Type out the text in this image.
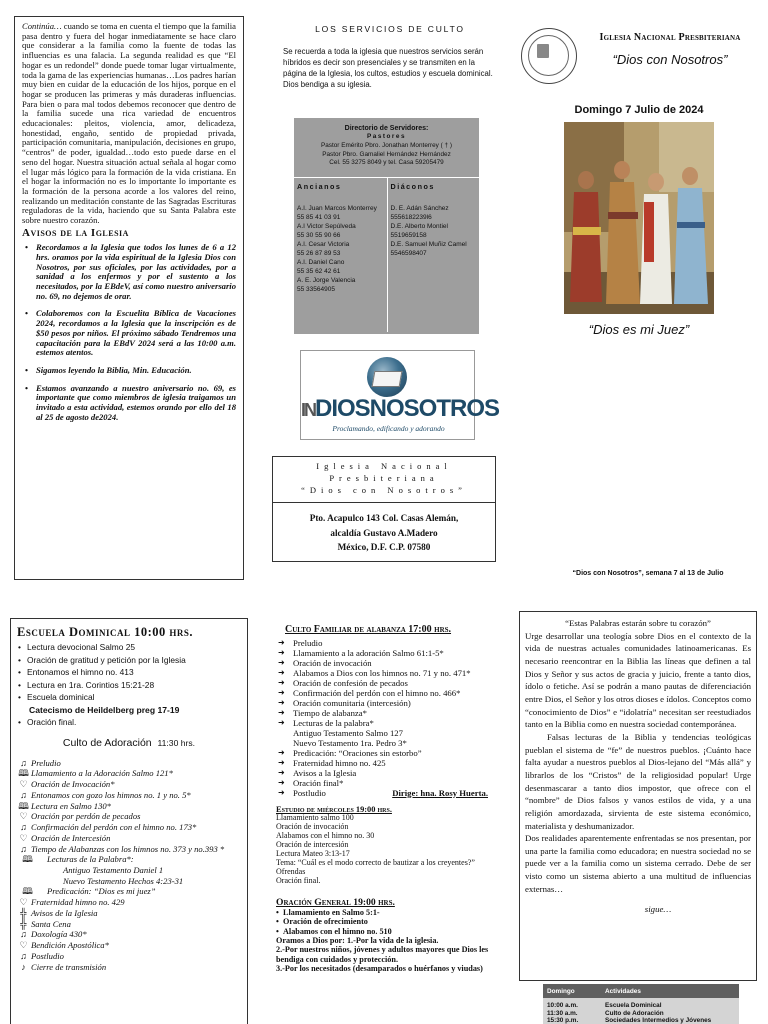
Continúa… cuando se toma en cuenta el tiempo que la familia pasa dentro y fuera del hogar inmediatamente se hace claro que considerar a la familia como la fuente de todas las influencias es una falacia. La segunda realidad es que “El hogar es un redondel” donde puede tomar lugar virtualmente, toda la gama de las experiencias humanas…Los padres harían muy bien en cuidar de la educación de los hijos, porque en el hogar se producen las primeras y más duraderas influencias. Para bien o para mal todos debemos reconocer que dentro de la familia sucede una rica variedad de encuentros educacionales: pleitos, violencia, amor, delicadeza, honestidad, engaño, sentido de propiedad privada, participación comunitaria, manipulación, decisiones en grupo, “centros” de poder, igualdad…todo esto puede darse en el seno del hogar. Nuestra situación actual señala al hogar como el lugar más lógico para la formación de la vida cristiana. En el hogar la información no es lo importante lo importante es la formación de la persona acorde a los valores del reino, realizando un meditación constante de las Sagradas Escrituras reguladoras de la vida, haciendo que su Santa Palabra este sobre nuestro corazón.

Avisos de la Iglesia
• Recordamos a la Iglesia que todos los lunes de 6 a 12 hrs. oramos por la vida espiritual de la Iglesia Dios con Nosotros, por sus oficiales, por las actividades, por a sanidad a los enfermos y por el sustento a los necesitados, por la EBdeV, así como nuestro aniversario no. 69, no dejemos de orar.
• Colaboremos con la Escuelita Bíblica de Vacaciones 2024, recordamos a la Iglesia que la inscripción es de $50 pesos por niños. El próximo sábado Tendremos una capacitación para la EBdV 2024 será a las 10:00 a.m. estemos atentos.
• Sigamos leyendo la Biblia, Min. Educación.
• Estamos avanzando a nuestro aniversario no. 69, es importante que como miembros de iglesia traigamos un invitado a esta actividad, estemos orando por ello del 18 al 25 de agosto de2024.
LOS SERVICIOS DE CULTO
Se recuerda a toda la iglesia que nuestros servicios serán híbridos es decir son presenciales y se transmiten en la página de la Iglesia, los cultos, estudios y escuela dominical. Dios bendiga a su iglesia.
Directorio de Servidores:
Pastores
Pastor Emérito Pbro. Jonathan Monterrey ( † )
Pastor Pbro. Gamaliel Hernández Hernández
Cel. 55 3275 8049 y tel. Casa 59205479
Ancianos
A.I. Juan Marcos Monterrey
55 85 41 03 91
A.I Victor Sepúlveda
55 30 55 90 66
A.I. Cesar Victoria
55 26 87 89 53
A.I. Daniel Cano
55 35 62 42 61
A. E. Jorge Valencia
55 33564905
Diáconos
D. E. Adán Sánchez
5556182239l6
D.E. Alberto Montiel
5519659158
D.E. Samuel Muñiz Camel
5546598407
INDIOSNOSOTROS
Proclamando, edificando y adorando
Iglesia Nacional
Presbiteriana
“Dios con Nosotros”
Pto. Acapulco 143 Col. Casas Alemán,
alcaldía Gustavo A.Madero
México, D.F. C.P. 07580
Iglesia Nacional Presbiteriana
“Dios con Nosotros”
Domingo 7 Julio de 2024
“Dios es mi Juez”
“Dios con Nosotros”, semana 7 al 13 de Julio
Escuela Dominical 10:00 hrs.
• Lectura devocional Salmo 25
• Oración de gratitud y petición por la Iglesia
• Entonamos el himno no. 413
• Lectura en 1ra. Corintios 15:21-28
• Escuela dominical
Catecismo de Heildelberg preg 17-19
• Oración final.
Culto de Adoración 11:30 hrs.
♫ Preludio
🕮 Llamamiento a la Adoración Salmo 121*
♡ Oración de Invocación*
♫ Entonamos con gozo los himnos no. 1 y no. 5*
🕮 Lectura en Salmo 130*
♡ Oración por perdón de pecados
♫ Confirmación del perdón con el himno no. 173*
♡ Oración de Intercesión
♫ Tiempo de Alabanzas con los himnos no. 373 y no.393 *
🕮 Lecturas de la Palabra*:
Antiguo Testamento Daniel 1
Nuevo Testamento Hechos 4:23-31
🕮 Predicación: “Dios es mi juez”
♡ Fraternidad himno no. 429
╬ Avisos de la Iglesia
╬ Santa Cena
♫ Doxología 430*
♡ Bendición Apostólica*
♫ Postludio
♪ Cierre de transmisión
Culto Familiar de alabanza 17:00 hrs.
➜ Preludio
➜ Llamamiento a la adoración Salmo 61:1-5*
➜ Oración de invocación
➜ Alabamos a Dios con los himnos no. 71 y no. 471*
➜ Oración de confesión de pecados
➜ Confirmación del perdón con el himno no. 466*
➜ Oración comunitaria (intercesión)
➜ Tiempo de alabanza*
➜ Lecturas de la palabra*
Antiguo Testamento Salmo 127
Nuevo Testamento 1ra. Pedro 3*
➜ Predicación: “Oraciones sin estorbo”
➜ Fraternidad himno no. 425
➜ Avisos a la Iglesia
➜ Oración final*
➜ Postludio	Dirige: hna. Rosy Huerta.
Estudio de miércoles 19:00 hrs.
Llamamiento salmo 100
Oración de invocación
Alabamos con el himno no. 30
Oración de intercesión
Lectura Mateo 3:13-17
Tema: “Cuál es el modo correcto de bautizar a los creyentes?”
Ofrendas
Oración final.
Oración General 19:00 hrs.
• Llamamiento en Salmo 5:1-
• Oración de ofrecimiento
• Alabamos con el himno no. 510
Oramos a Dios por: 1.-Por la vida de la iglesia.
2.-Por nuestros niños, jóvenes y adultos mayores que Dios les bendiga con cuidados y protección.
3.-Por los necesitados (desamparados o huérfanos y viudas)
“Estas Palabras estarán sobre tu corazón”

Urge desarrollar una teología sobre Dios en el contexto de la vida de nuestras actuales comunidades latinoamericanas. Es necesario reencontrar en la Biblia las líneas que definen a tal Dios y Señor y sus actos de gracia y juicio, frente a tanto dios, ídolo o fetiche. Así se podrán a mano pautas de diferenciación entre Dios, el Señor y los otros dioses e ídolos. Conceptos como “conocimiento de Dios” e “idolatría” necesitan ser reestudiados tanto en la Biblia como en nuestra sociedad contemporánea.

Falsas lecturas de la Biblia y tendencias teológicas pueblan el sistema de “fe” de nuestros pueblos. ¡Cuánto hace falta ayudar a nuestros pueblos al Dios-lejano del “Más allá” y librarlos de los “Cristos” de la religiosidad popular! Urge desenmascarar a tanto dios impostor, que ofrece con el “nombre” de Dios falsos y vanos estilos de vida, y a una religión amordazada, sirvienta de este sistema económico, materialista y deshumanizador.

Dos realidades aparentemente enfrentadas se nos presentan, por una parte la familia como educadora; en nuestra sociedad no se puede ver a la familia como un sistema cerrado. Debe de ser visto como un sistema abierto a una multitud de influencias externas…

sigue…
Domingo	Actividades
10:00 a.m.	Escuela Dominical
11:30 a.m.	Culto de Adoración
15:30 p.m.	Sociedades Intermedios y Jóvenes
